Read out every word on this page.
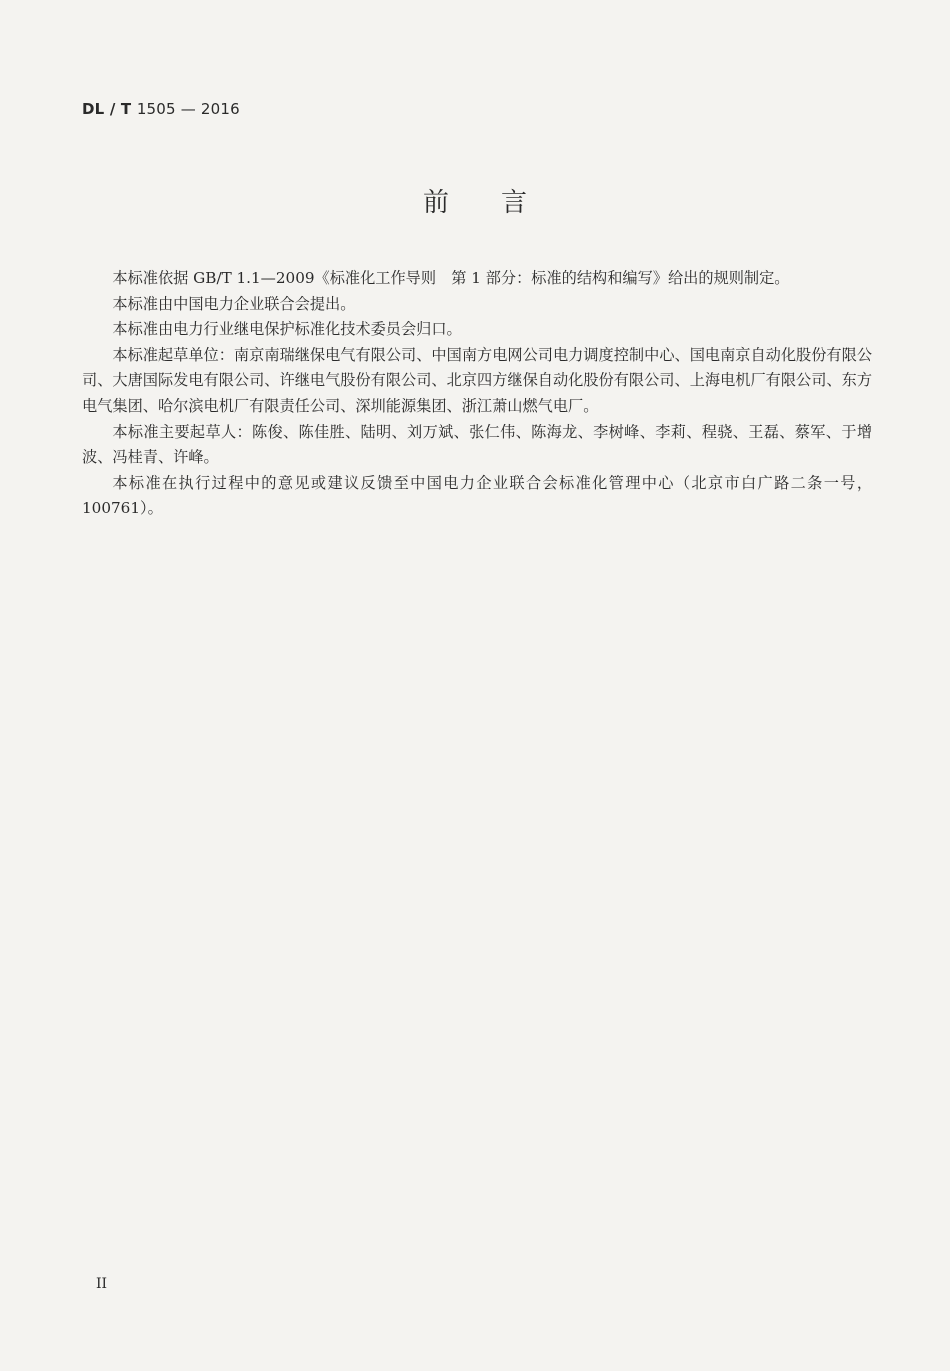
DL / T 1505 — 2016
前言

本标准依据 GB/T 1.1—2009《标准化工作导则　第 1 部分：标准的结构和编写》给出的规则制定。

本标准由中国电力企业联合会提出。

本标准由电力行业继电保护标准化技术委员会归口。

本标准起草单位：南京南瑞继保电气有限公司、中国南方电网公司电力调度控制中心、国电南京自动化股份有限公司、大唐国际发电有限公司、许继电气股份有限公司、北京四方继保自动化股份有限公司、上海电机厂有限公司、东方电气集团、哈尔滨电机厂有限责任公司、深圳能源集团、浙江萧山燃气电厂。

本标准主要起草人：陈俊、陈佳胜、陆明、刘万斌、张仁伟、陈海龙、李树峰、李莉、程骁、王磊、蔡军、于增波、冯桂青、许峰。

本标准在执行过程中的意见或建议反馈至中国电力企业联合会标准化管理中心（北京市白广路二条一号，100761）。

II
